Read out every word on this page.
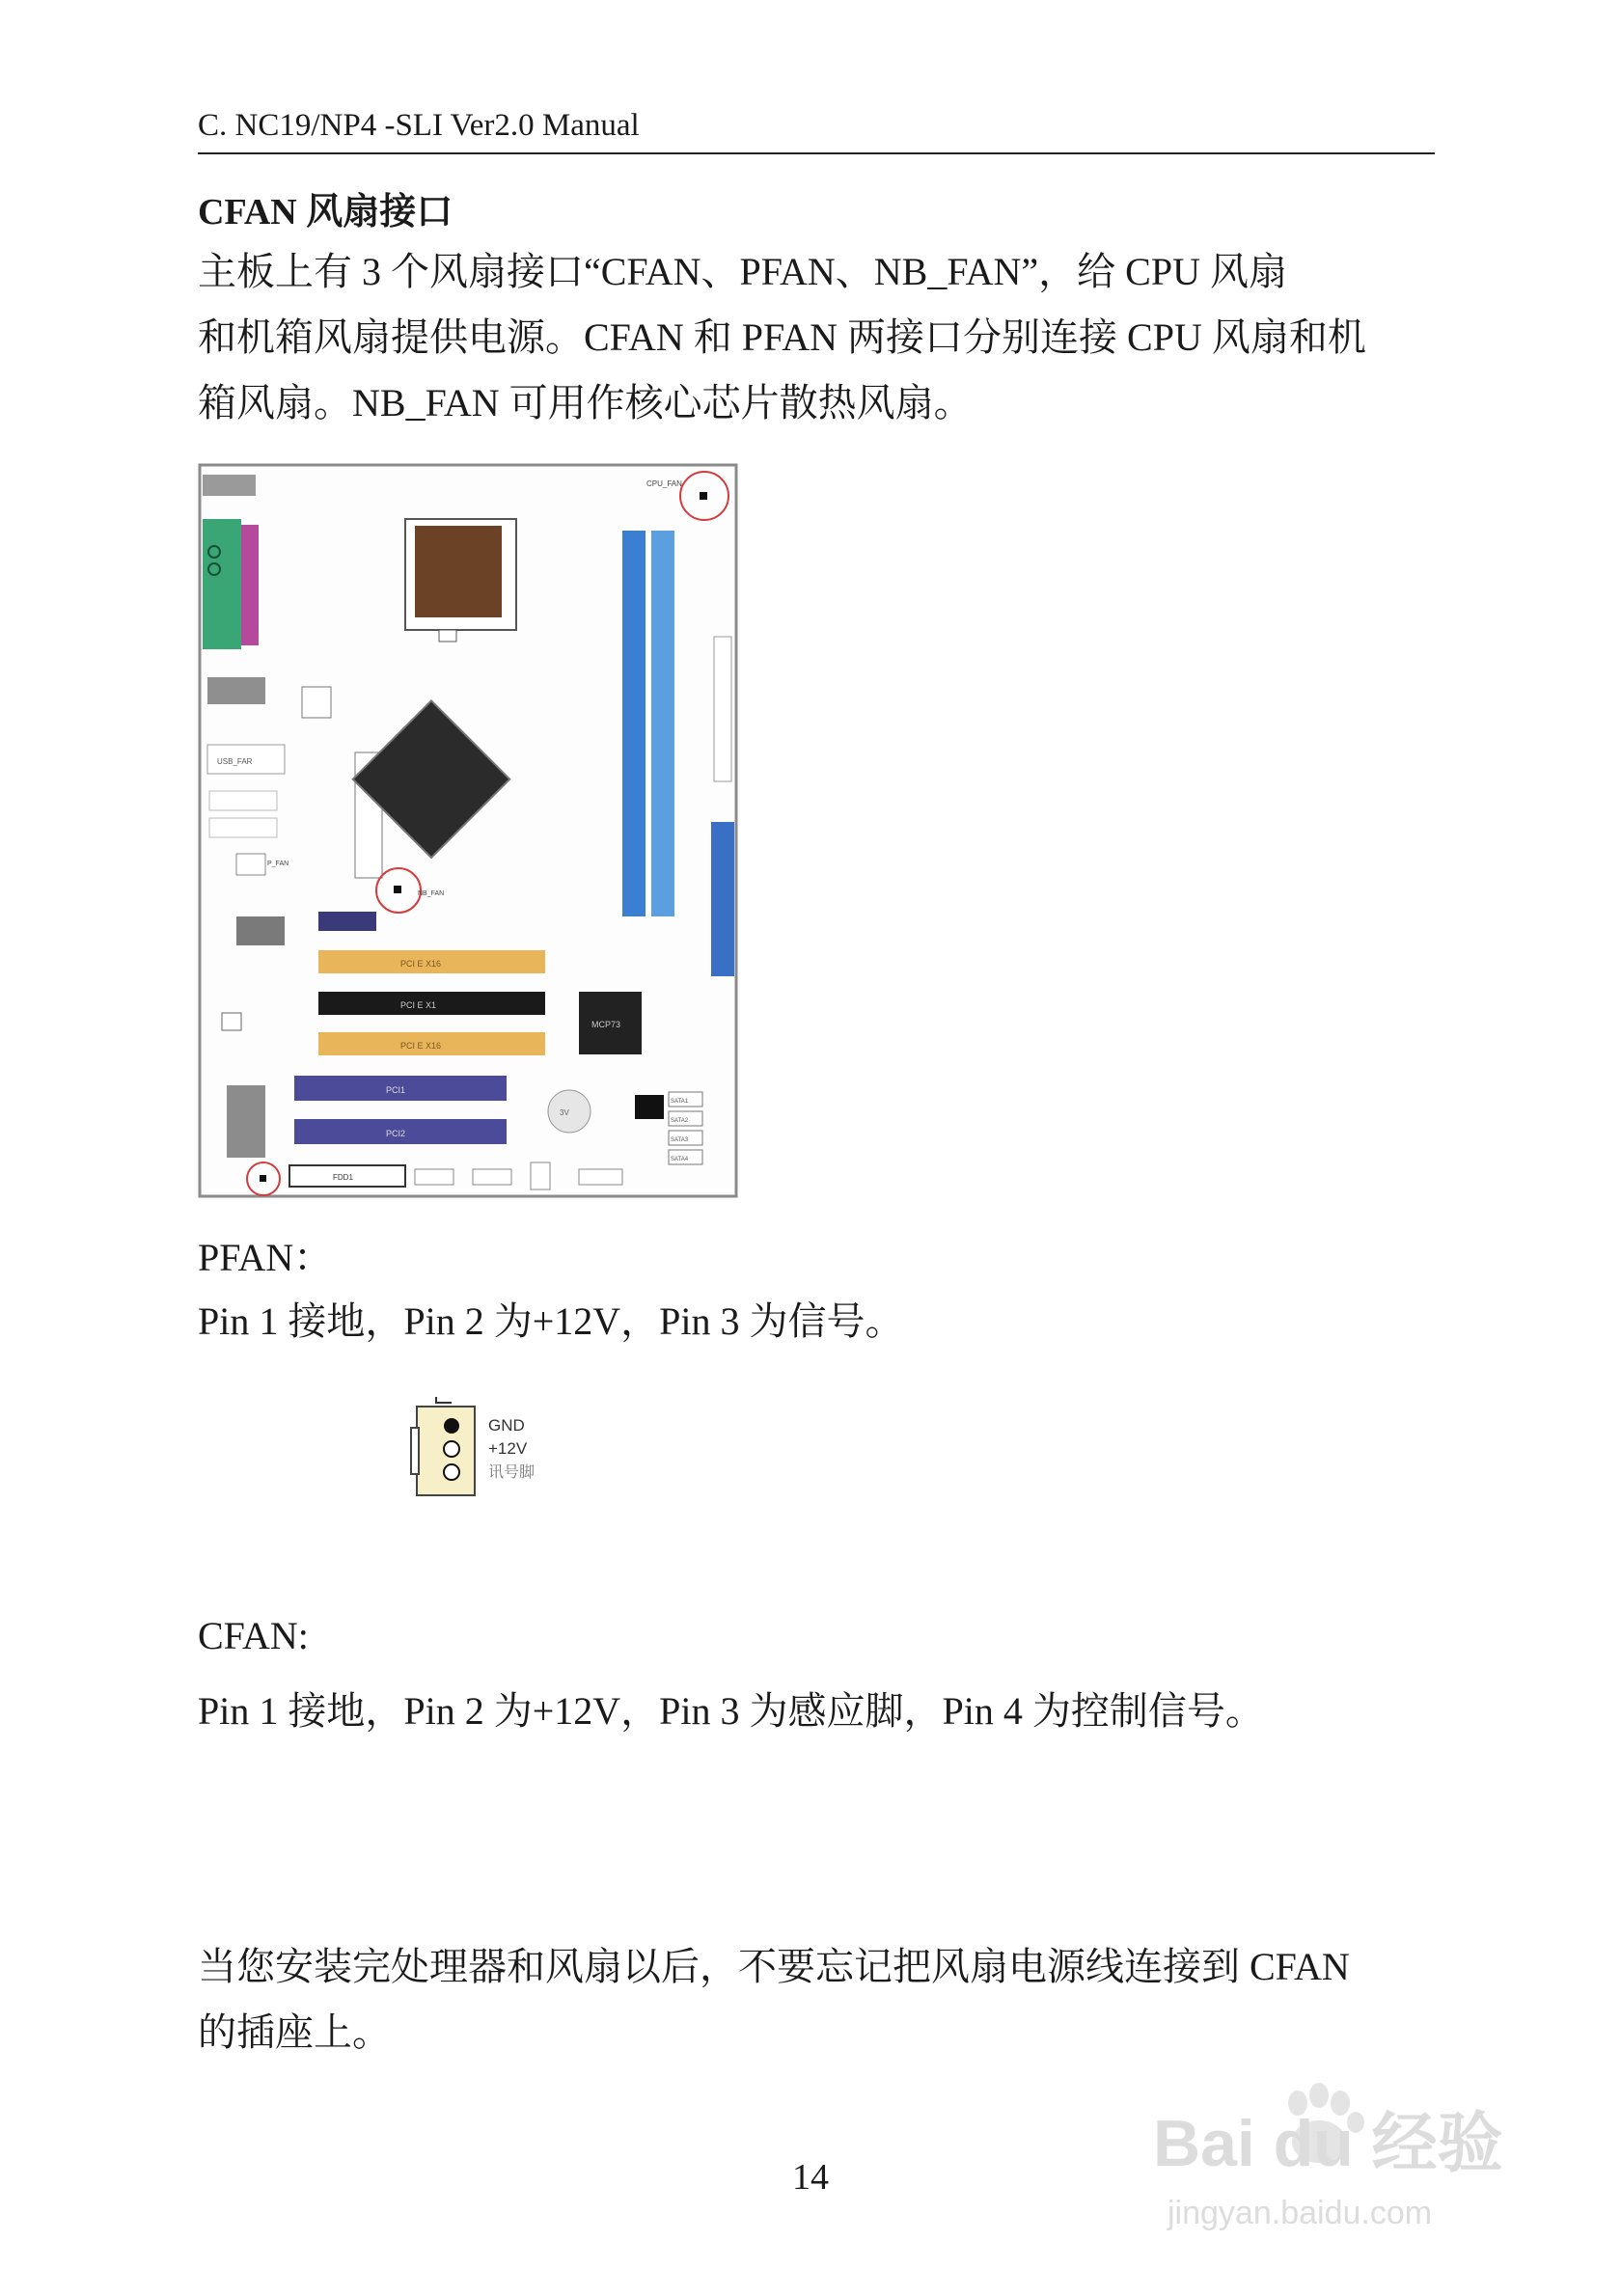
C. NC19/NP4 -SLI Ver2.0 Manual
CFAN 风扇接口
主板上有 3 个风扇接口“CFAN、PFAN、NB_FAN”，给 CPU 风扇
和机箱风扇提供电源。CFAN 和 PFAN 两接口分别连接 CPU 风扇和机
箱风扇。NB_FAN 可用作核心芯片散热风扇。
USB_FAR
P_FAN
CPU_FAN
NB_FAN
PCI E X16
PCI E X1
PCI E X16
PCI1
PCI2
MCP73
3V
SATA1
SATA2
SATA3
SATA4
FDD1
PFAN：
Pin 1 接地，Pin 2 为+12V，Pin 3 为信号。
GND
+12V
讯号脚
CFAN:
Pin 1 接地，Pin 2 为+12V，Pin 3 为感应脚，Pin 4 为控制信号。
当您安装完处理器和风扇以后，不要忘记把风扇电源线连接到 CFAN
的插座上。
14	Bai du 经验
jingyan.baidu.com
